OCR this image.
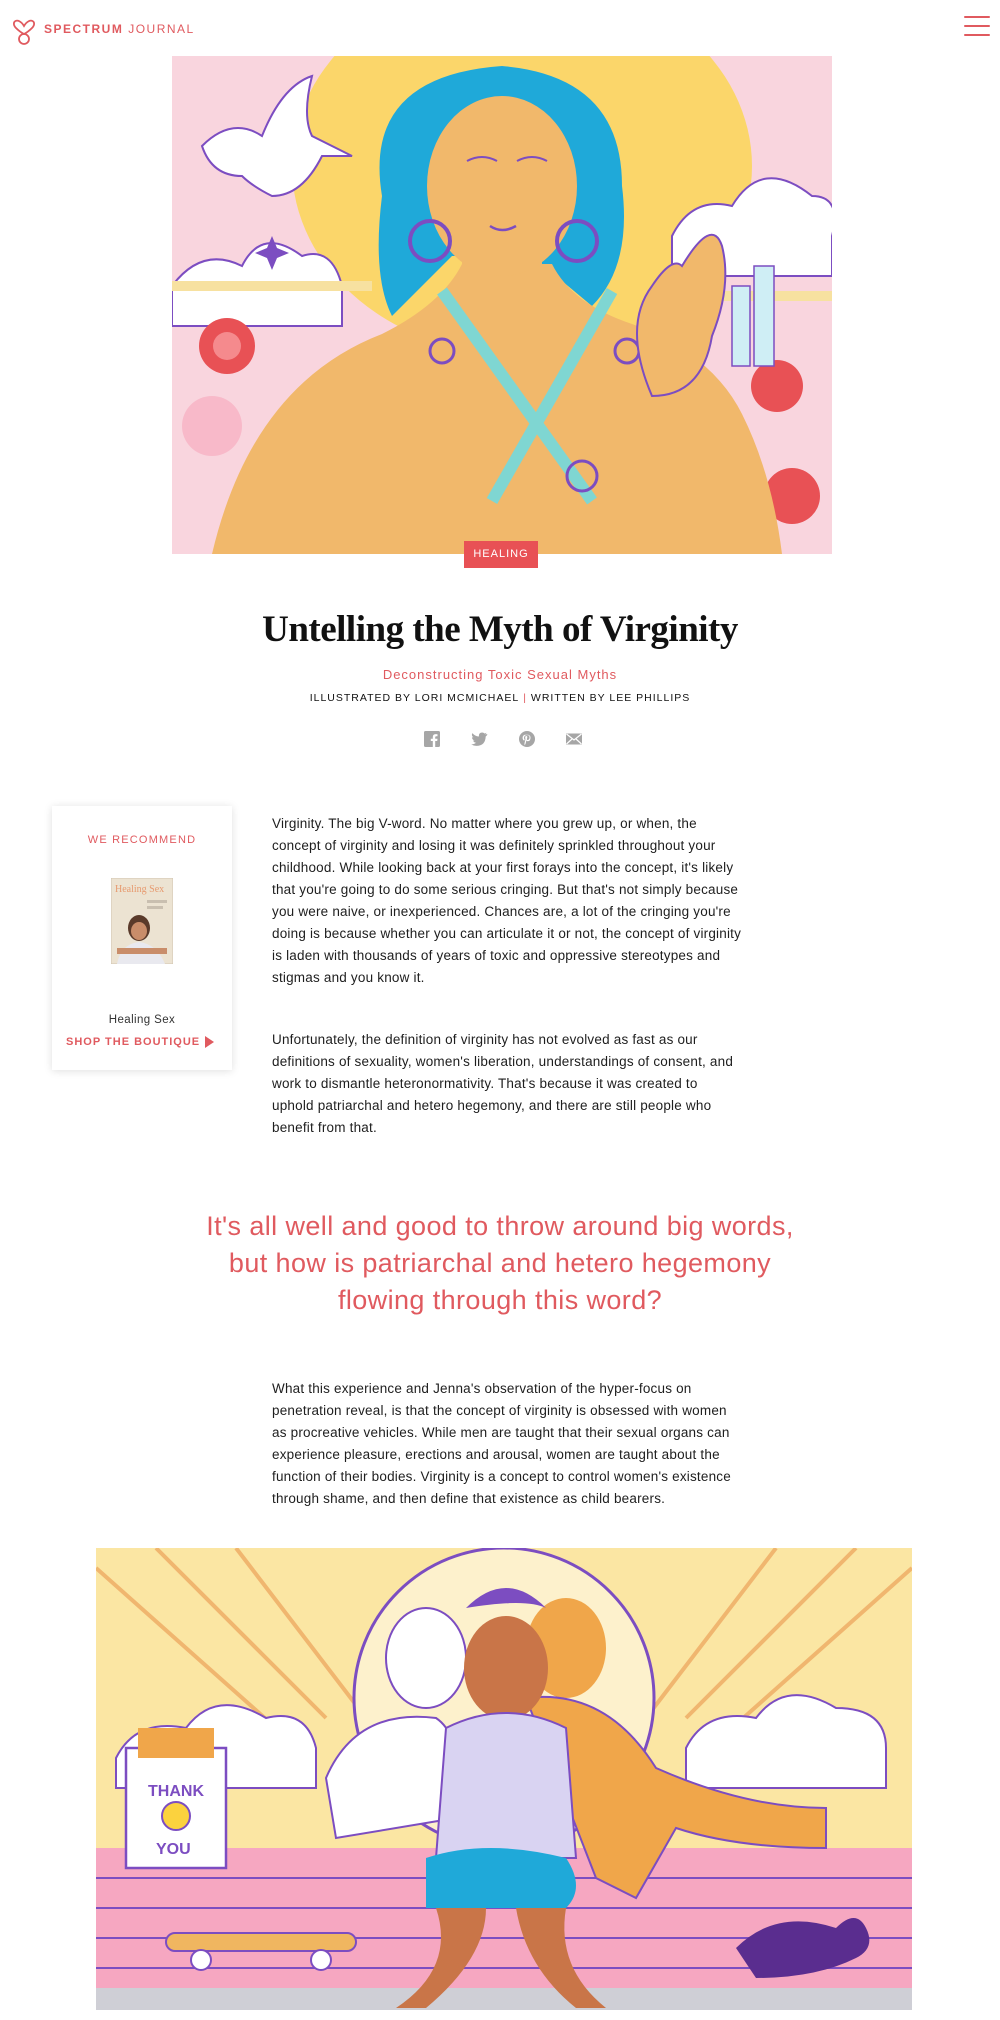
SPECTRUM JOURNAL
HEALING
Untelling the Myth of Virginity
Deconstructing Toxic Sexual Myths
ILLUSTRATED BY LORI MCMICHAEL | WRITTEN BY LEE PHILLIPS
WE RECOMMEND
Healing Sex
Healing Sex
SHOP THE BOUTIQUE

Virginity. The big V-word. No matter where you grew up, or when, the concept of virginity and losing it was definitely sprinkled throughout your childhood. While looking back at your first forays into the concept, it's likely that you're going to do some serious cringing. But that's not simply because you were naive, or inexperienced. Chances are, a lot of the cringing you're doing is because whether you can articulate it or not, the concept of virginity is laden with thousands of years of toxic and oppressive stereotypes and stigmas and you know it.

Unfortunately, the definition of virginity has not evolved as fast as our definitions of sexuality, women's liberation, understandings of consent, and work to dismantle heteronormativity. That's because it was created to uphold patriarchal and hetero hegemony, and there are still people who benefit from that.

It's all well and good to throw around big words, but how is patriarchal and hetero hegemony flowing through this word?

What this experience and Jenna's observation of the hyper-focus on penetration reveal, is that the concept of virginity is obsessed with women as procreative vehicles. While men are taught that their sexual organs can experience pleasure, erections and arousal, women are taught about the function of their bodies. Virginity is a concept to control women's existence through shame, and then define that existence as child bearers.

THANK
YOU
